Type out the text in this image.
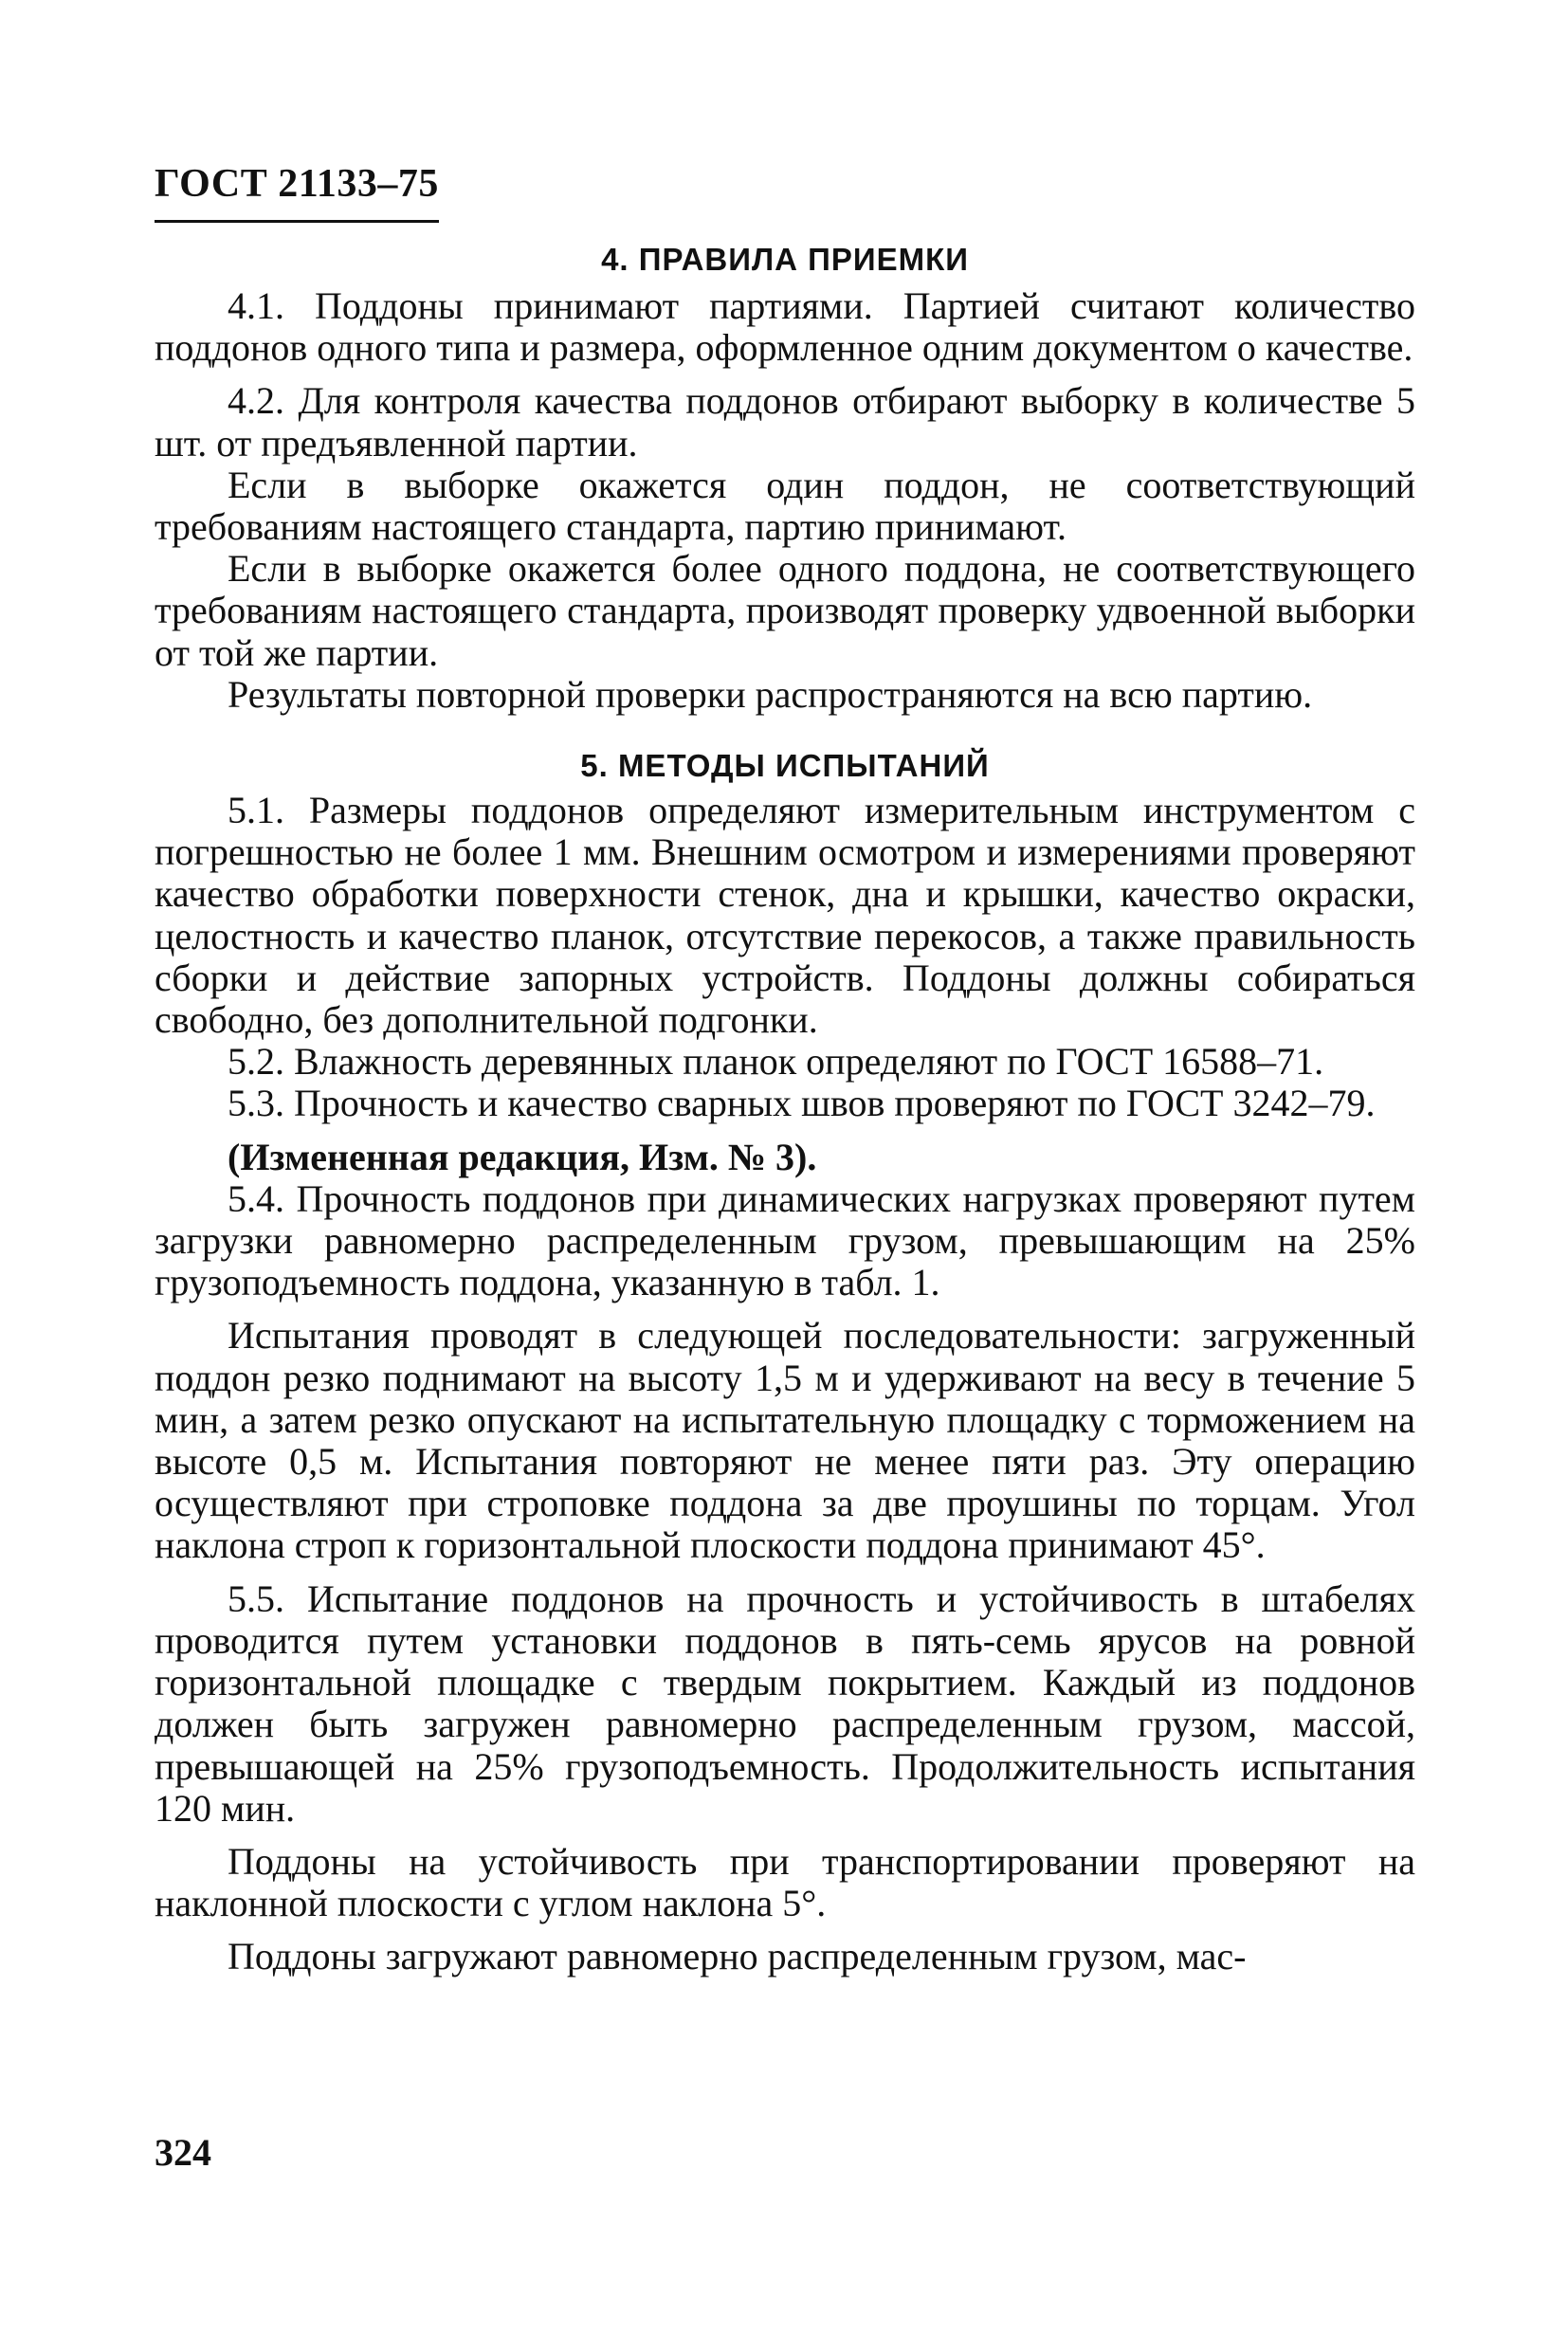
ГОСТ 21133–75
4. ПРАВИЛА ПРИЕМКИ

4.1. Поддоны принимают партиями. Партией считают количество поддонов одного типа и размера, оформленное одним документом о качестве.

4.2. Для контроля качества поддонов отбирают выборку в количестве 5 шт. от предъявленной партии.

Если в выборке окажется один поддон, не соответствующий требованиям настоящего стандарта, партию принимают.

Если в выборке окажется более одного поддона, не соответствующего требованиям настоящего стандарта, производят проверку удвоенной выборки от той же партии.

Результаты повторной проверки распространяются на всю партию.

5. МЕТОДЫ ИСПЫТАНИЙ

5.1. Размеры поддонов определяют измерительным инструментом с погрешностью не более 1 мм. Внешним осмотром и измерениями проверяют качество обработки поверхности стенок, дна и крышки, качество окраски, целостность и качество планок, отсутствие перекосов, а также правильность сборки и действие запорных устройств. Поддоны должны собираться свободно, без дополнительной подгонки.

5.2. Влажность деревянных планок определяют по ГОСТ 16588–71.

5.3. Прочность и качество сварных швов проверяют по ГОСТ 3242–79.

(Измененная редакция, Изм. № 3).

5.4. Прочность поддонов при динамических нагрузках проверяют путем загрузки равномерно распределенным грузом, превышающим на 25% грузоподъемность поддона, указанную в табл. 1.

Испытания проводят в следующей последовательности: загруженный поддон резко поднимают на высоту 1,5 м и удерживают на весу в течение 5 мин, а затем резко опускают на испытательную площадку с торможением на высоте 0,5 м. Испытания повторяют не менее пяти раз. Эту операцию осуществляют при строповке поддона за две проушины по торцам. Угол наклона строп к горизонтальной плоскости поддона принимают 45°.

5.5. Испытание поддонов на прочность и устойчивость в штабелях проводится путем установки поддонов в пять-семь ярусов на ровной горизонтальной площадке с твердым покрытием. Каждый из поддонов должен быть загружен равномерно распределенным грузом, массой, превышающей на 25% грузоподъемность. Продолжительность испытания 120 мин.

Поддоны на устойчивость при транспортировании проверяют на наклонной плоскости с углом наклона 5°.

Поддоны загружают равномерно распределенным грузом, мас-

324
